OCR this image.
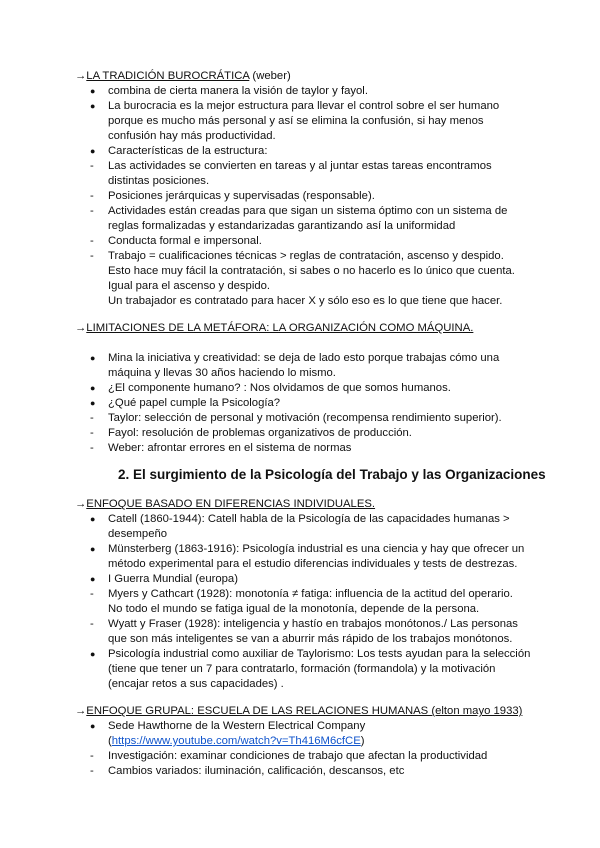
→LA TRADICIÓN BUROCRÁTICA (weber)
● combina de cierta manera la visión de taylor y fayol.
● La burocracia es la mejor estructura para llevar el control sobre el ser humano
porque es mucho más personal y así se elimina la confusión, si hay menos
confusión hay más productividad.
● Características de la estructura:
- Las actividades se convierten en tareas y al juntar estas tareas encontramos
distintas posiciones.
- Posiciones jerárquicas y supervisadas (responsable).
- Actividades están creadas para que sigan un sistema óptimo con un sistema de
reglas formalizadas y estandarizadas garantizando así la uniformidad
- Conducta formal e impersonal.
- Trabajo = cualificaciones técnicas > reglas de contratación, ascenso y despido.
Esto hace muy fácil la contratación, si sabes o no hacerlo es lo único que cuenta.
Igual para el ascenso y despido.
Un trabajador es contratado para hacer X y sólo eso es lo que tiene que hacer.
→LIMITACIONES DE LA METÁFORA: LA ORGANIZACIÓN COMO MÁQUINA.
● Mina la iniciativa y creatividad: se deja de lado esto porque trabajas cómo una
máquina y llevas 30 años haciendo lo mismo.
● ¿El componente humano? : Nos olvidamos de que somos humanos.
● ¿Qué papel cumple la Psicología?
- Taylor: selección de personal y motivación (recompensa rendimiento superior).
- Fayol: resolución de problemas organizativos de producción.
- Weber: afrontar errores en el sistema de normas
2. El surgimiento de la Psicología del Trabajo y las Organizaciones
→ENFOQUE BASADO EN DIFERENCIAS INDIVIDUALES.
● Catell (1860-1944): Catell habla de la Psicología de las capacidades humanas >
desempeño
● Münsterberg (1863-1916): Psicología industrial es una ciencia y hay que ofrecer un
método experimental para el estudio diferencias individuales y tests de destrezas.
● I Guerra Mundial (europa)
- Myers y Cathcart (1928): monotonía ≠ fatiga: influencia de la actitud del operario.
No todo el mundo se fatiga igual de la monotonía, depende de la persona.
- Wyatt y Fraser (1928): inteligencia y hastío en trabajos monótonos./ Las personas
que son más inteligentes se van a aburrir más rápido de los trabajos monótonos.
● Psicología industrial como auxiliar de Taylorismo: Los tests ayudan para la selección
(tiene que tener un 7 para contratarlo, formación (formandola) y la motivación
(encajar retos a sus capacidades) .
→ENFOQUE GRUPAL: ESCUELA DE LAS RELACIONES HUMANAS (elton mayo 1933)
● Sede Hawthorne de la Western Electrical Company
(https://www.youtube.com/watch?v=Th416M6cfCE)
- Investigación: examinar condiciones de trabajo que afectan la productividad
- Cambios variados: iluminación, calificación, descansos, etc
